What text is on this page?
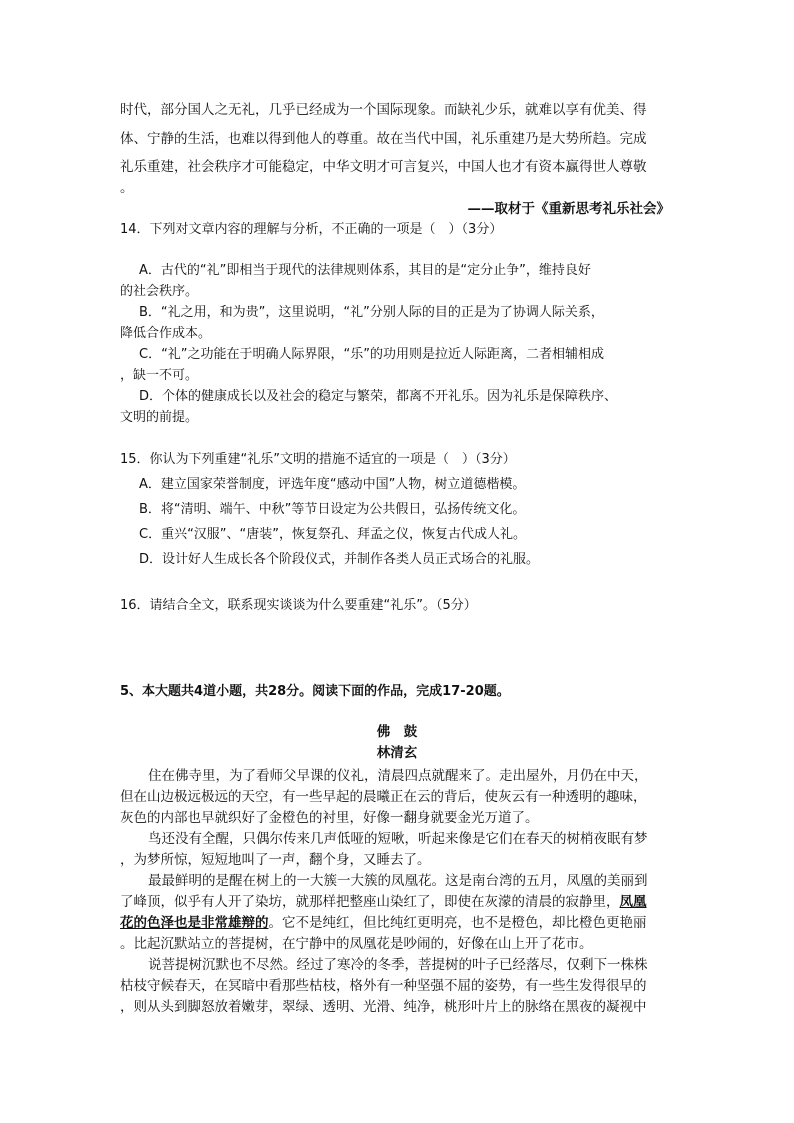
时代，部分国人之无礼，几乎已经成为一个国际现象。而缺礼少乐，就难以享有优美、得
体、宁静的生活，也难以得到他人的尊重。故在当代中国，礼乐重建乃是大势所趋。完成
礼乐重建，社会秩序才可能稳定，中华文明才可言复兴，中国人也才有资本赢得世人尊敬
。
——取材于《重新思考礼乐社会》
14．下列对文章内容的理解与分析，不正确的一项是（　）（3分）
A．古代的“礼”即相当于现代的法律规则体系，其目的是“定分止争”，维持良好
的社会秩序。
B．“礼之用，和为贵”，这里说明，“礼”分别人际的目的正是为了协调人际关系，
降低合作成本。
C．“礼”之功能在于明确人际界限，“乐”的功用则是拉近人际距离，二者相辅相成
，缺一不可。
D．个体的健康成长以及社会的稳定与繁荣，都离不开礼乐。因为礼乐是保障秩序、
文明的前提。
15．你认为下列重建“礼乐”文明的措施不适宜的一项是（　）（3分）
A．建立国家荣誉制度，评选年度“感动中国”人物，树立道德楷模。
B．将“清明、端午、中秋”等节日设定为公共假日，弘扬传统文化。
C．重兴“汉服”、“唐装”，恢复祭孔、拜孟之仪，恢复古代成人礼。
D．设计好人生成长各个阶段仪式，并制作各类人员正式场合的礼服。
16．请结合全文，联系现实谈谈为什么要重建“礼乐”。（5分）
5、本大题共4道小题，共28分。阅读下面的作品，完成17-20题。
佛　鼓
林清玄
住在佛寺里，为了看师父早课的仪礼，清晨四点就醒来了。走出屋外，月仍在中天，
但在山边极远极远的天空，有一些早起的晨曦正在云的背后，使灰云有一种透明的趣味，
灰色的内部也早就织好了金橙色的衬里，好像一翻身就要金光万道了。
鸟还没有全醒，只偶尔传来几声低哑的短啾，听起来像是它们在春天的树梢夜眠有梦
，为梦所惊，短短地叫了一声，翻个身，又睡去了。
最最鲜明的是醒在树上的一大簇一大簇的凤凰花。这是南台湾的五月，凤凰的美丽到
了峰顶，似乎有人开了染坊，就那样把整座山染红了，即使在灰濛的清晨的寂静里，凤凰
花的色泽也是非常雄辩的。它不是纯红，但比纯红更明亮，也不是橙色，却比橙色更艳丽
。比起沉默站立的菩提树，在宁静中的凤凰花是吵闹的，好像在山上开了花市。
说菩提树沉默也不尽然。经过了寒冷的冬季，菩提树的叶子已经落尽，仅剩下一株株
枯枝守候春天，在冥暗中看那些枯枝，格外有一种坚强不屈的姿势，有一些生发得很早的
，则从头到脚怒放着嫩芽，翠绿、透明、光滑、纯净，桃形叶片上的脉络在黑夜的凝视中
